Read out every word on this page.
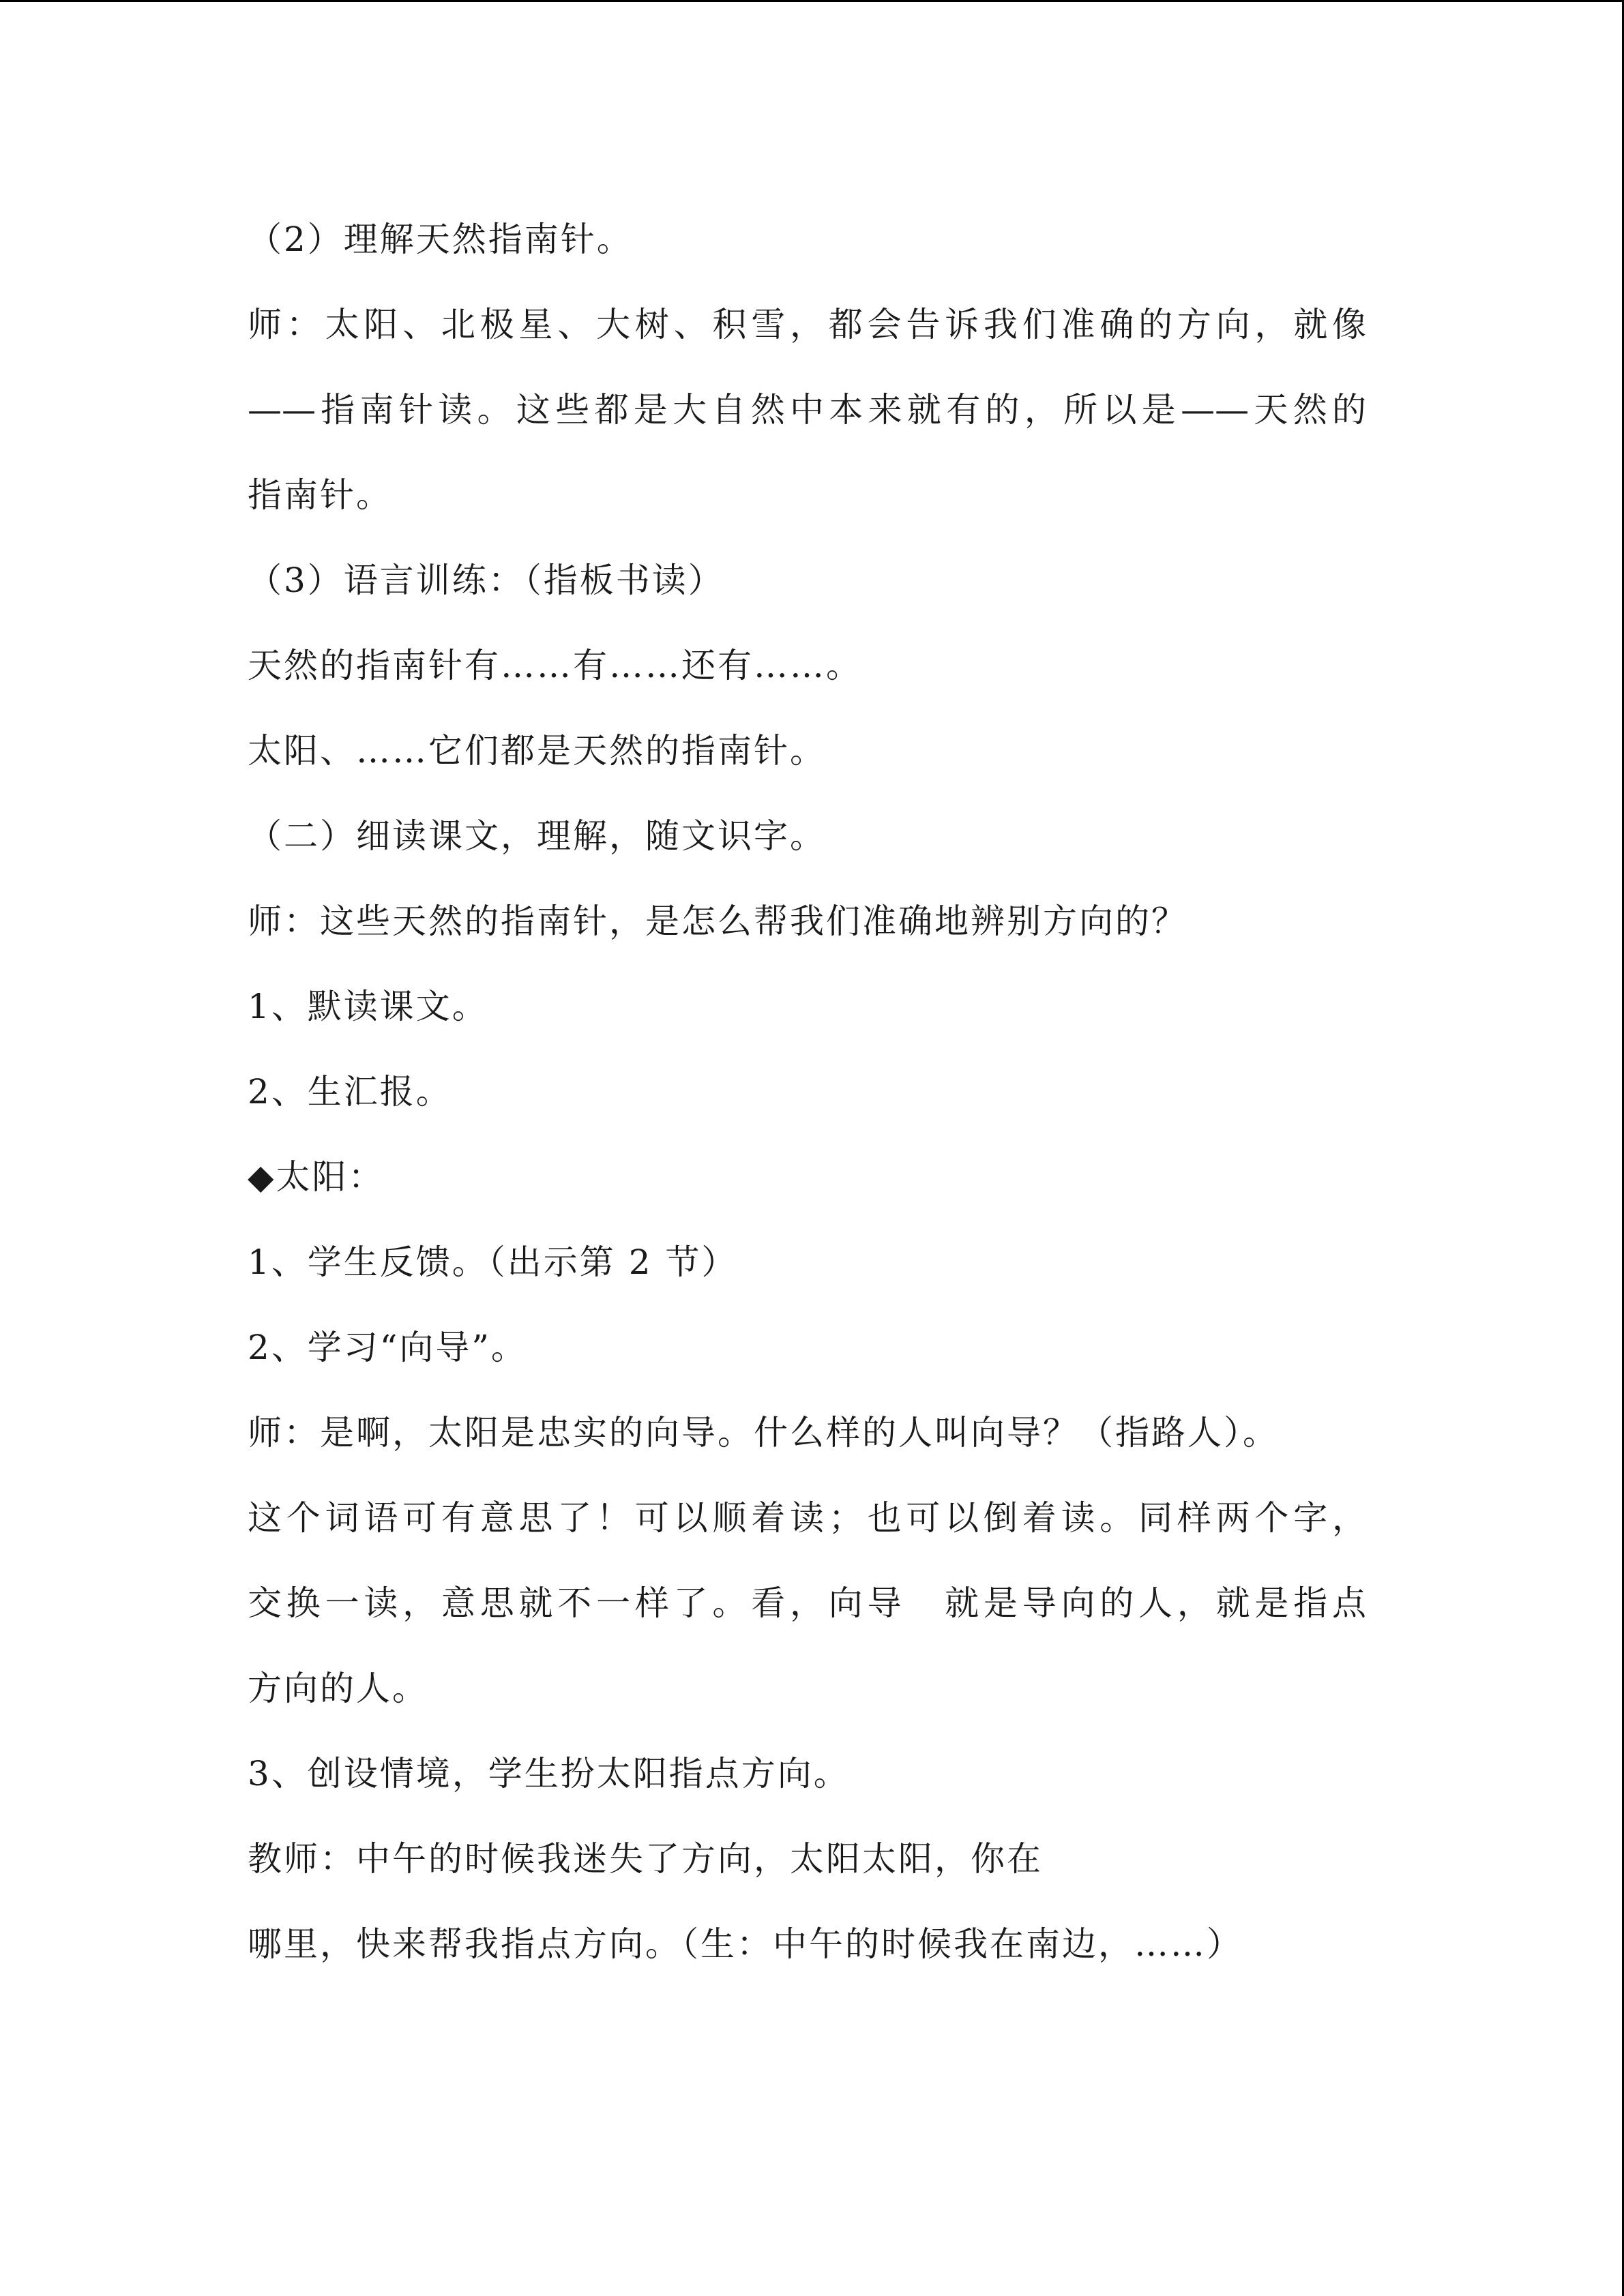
（2）理解天然指南针。
师：太阳、北极星、大树、积雪，都会告诉我们准确的方向，就像
——指南针读。这些都是大自然中本来就有的，所以是——天然的
指南针。
（3）语言训练：（指板书读）
天然的指南针有……有……还有……。
太阳、……它们都是天然的指南针。
（二）细读课文，理解，随文识字。
师：这些天然的指南针，是怎么帮我们准确地辨别方向的？
1、默读课文。
2、生汇报。
◆太阳：
1、学生反馈。（出示第 2 节）
2、学习“向导”。
师：是啊，太阳是忠实的向导。什么样的人叫向导？（指路人）。
这个词语可有意思了！可以顺着读；也可以倒着读。同样两个字，
交换一读，意思就不一样了。看，向导　就是导向的人，就是指点
方向的人。
3、创设情境，学生扮太阳指点方向。
教师：中午的时候我迷失了方向，太阳太阳，你在
哪里，快来帮我指点方向。（生：中午的时候我在南边，……）
